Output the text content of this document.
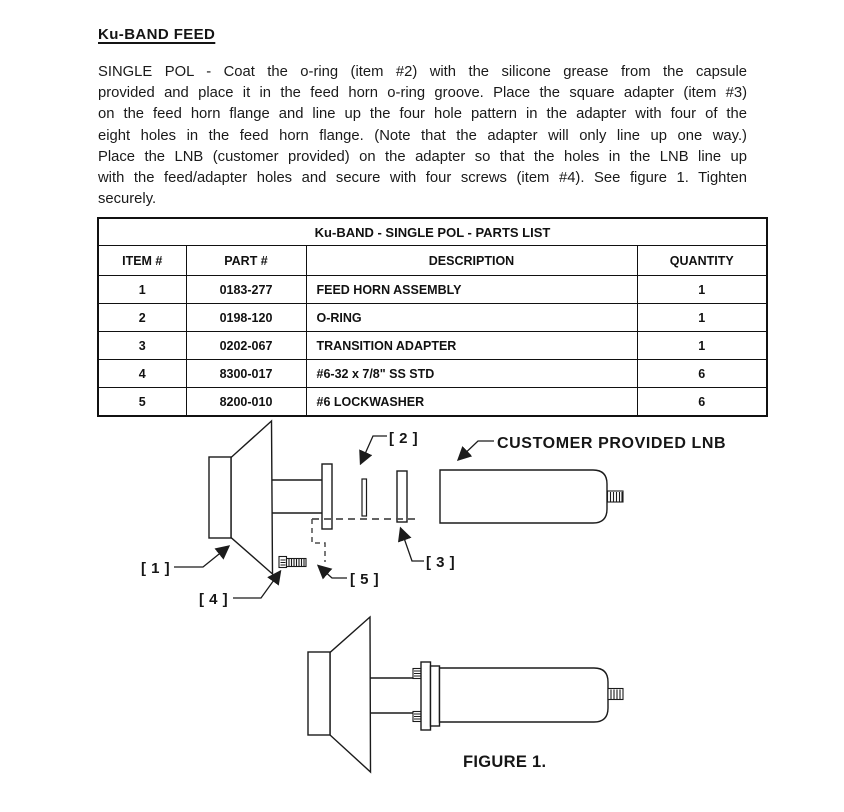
Ku-BAND FEED
SINGLE POL - Coat the o-ring (item #2) with the silicone grease from the capsule
provided and place it in the feed horn o-ring groove. Place the square adapter (item #3)
on the feed horn flange and line up the four hole pattern in the adapter with four of the
eight holes in the feed horn flange. (Note that the adapter will only line up one way.)
Place the LNB (customer provided) on the adapter so that the holes in the LNB line up
with the feed/adapter holes and secure with four screws (item #4). See figure 1. Tighten
securely.
Ku-BAND - SINGLE POL - PARTS LIST			
ITEM #	PART #	DESCRIPTION	QUANTITY
1	0183-277	FEED HORN ASSEMBLY	1
2	0198-120	O-RING	1
3	0202-067	TRANSITION ADAPTER	1
4	8300-017	#6-32 x 7/8" SS STD	6
5	8200-010	#6 LOCKWASHER	6
[ 1 ]
[ 2 ]
[ 3 ]
[ 4 ]
[ 5 ]
CUSTOMER PROVIDED LNB
FIGURE 1.
